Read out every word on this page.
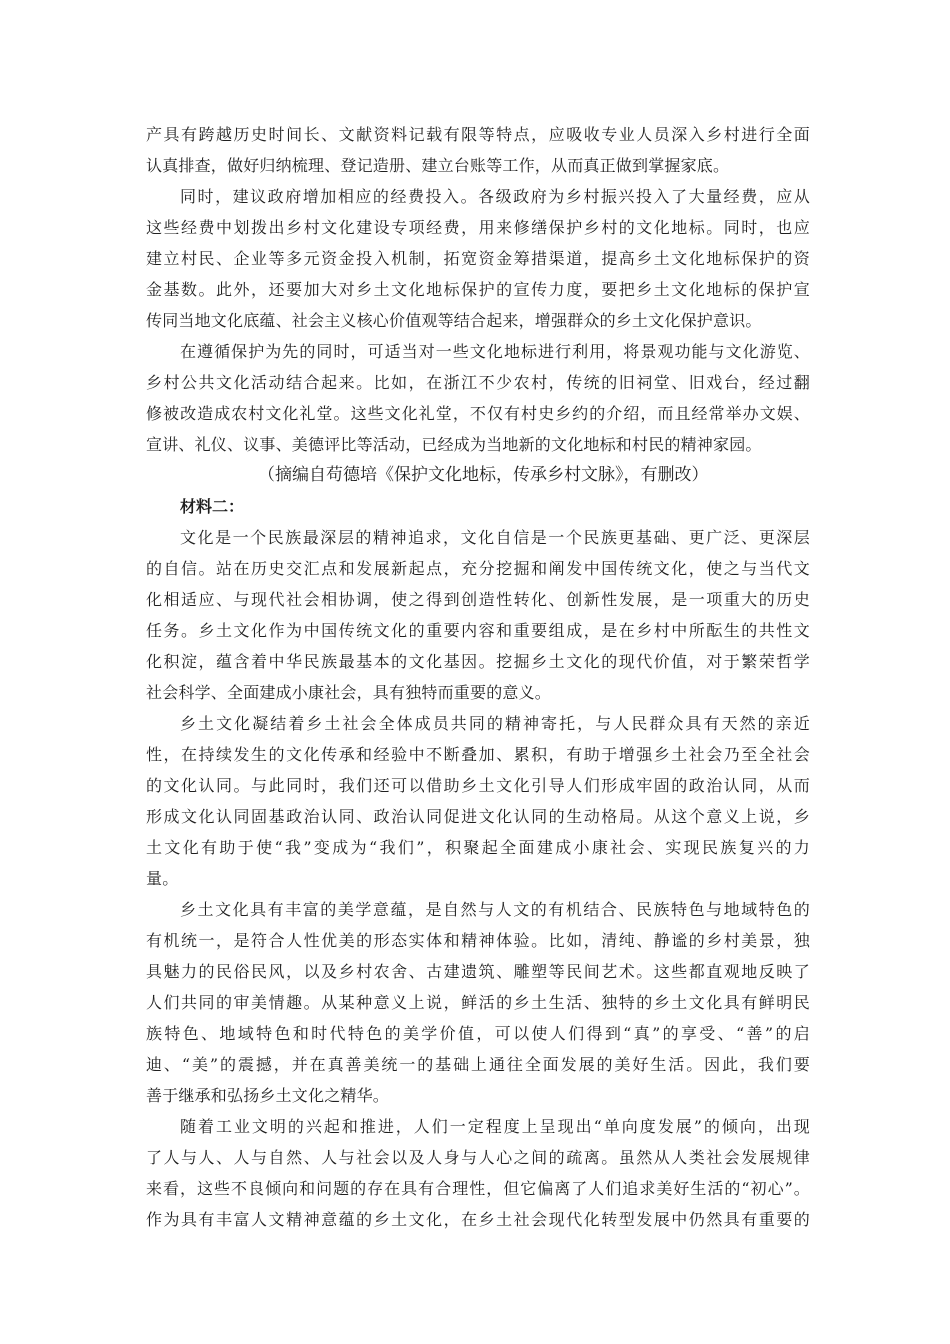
产具有跨越历史时间长、文献资料记载有限等特点，应吸收专业人员深入乡村进行全面
认真排查，做好归纳梳理、登记造册、建立台账等工作，从而真正做到掌握家底。
同时，建议政府增加相应的经费投入。各级政府为乡村振兴投入了大量经费，应从
这些经费中划拨出乡村文化建设专项经费，用来修缮保护乡村的文化地标。同时，也应
建立村民、企业等多元资金投入机制，拓宽资金筹措渠道，提高乡土文化地标保护的资
金基数。此外，还要加大对乡土文化地标保护的宣传力度，要把乡土文化地标的保护宣
传同当地文化底蕴、社会主义核心价值观等结合起来，增强群众的乡土文化保护意识。
在遵循保护为先的同时，可适当对一些文化地标进行利用，将景观功能与文化游览、
乡村公共文化活动结合起来。比如，在浙江不少农村，传统的旧祠堂、旧戏台，经过翻
修被改造成农村文化礼堂。这些文化礼堂，不仅有村史乡约的介绍，而且经常举办文娱、
宣讲、礼仪、议事、美德评比等活动，已经成为当地新的文化地标和村民的精神家园。
（摘编自苟德培《保护文化地标，传承乡村文脉》，有删改）
材料二：
文化是一个民族最深层的精神追求，文化自信是一个民族更基础、更广泛、更深层
的自信。站在历史交汇点和发展新起点，充分挖掘和阐发中国传统文化，使之与当代文
化相适应、与现代社会相协调，使之得到创造性转化、创新性发展，是一项重大的历史
任务。乡土文化作为中国传统文化的重要内容和重要组成，是在乡村中所酝生的共性文
化积淀，蕴含着中华民族最基本的文化基因。挖掘乡土文化的现代价值，对于繁荣哲学
社会科学、全面建成小康社会，具有独特而重要的意义。
乡土文化凝结着乡土社会全体成员共同的精神寄托，与人民群众具有天然的亲近
性，在持续发生的文化传承和经验中不断叠加、累积，有助于增强乡土社会乃至全社会
的文化认同。与此同时，我们还可以借助乡土文化引导人们形成牢固的政治认同，从而
形成文化认同固基政治认同、政治认同促进文化认同的生动格局。从这个意义上说，乡
土文化有助于使“我”变成为“我们”，积聚起全面建成小康社会、实现民族复兴的力
量。
乡土文化具有丰富的美学意蕴，是自然与人文的有机结合、民族特色与地域特色的
有机统一，是符合人性优美的形态实体和精神体验。比如，清纯、静谧的乡村美景，独
具魅力的民俗民风，以及乡村农舍、古建遗筑、雕塑等民间艺术。这些都直观地反映了
人们共同的审美情趣。从某种意义上说，鲜活的乡土生活、独特的乡土文化具有鲜明民
族特色、地域特色和时代特色的美学价值，可以使人们得到“真”的享受、“善”的启
迪、“美”的震撼，并在真善美统一的基础上通往全面发展的美好生活。因此，我们要
善于继承和弘扬乡土文化之精华。
随着工业文明的兴起和推进，人们一定程度上呈现出“单向度发展”的倾向，出现
了人与人、人与自然、人与社会以及人身与人心之间的疏离。虽然从人类社会发展规律
来看，这些不良倾向和问题的存在具有合理性，但它偏离了人们追求美好生活的“初心”。
作为具有丰富人文精神意蕴的乡土文化，在乡土社会现代化转型发展中仍然具有重要的
